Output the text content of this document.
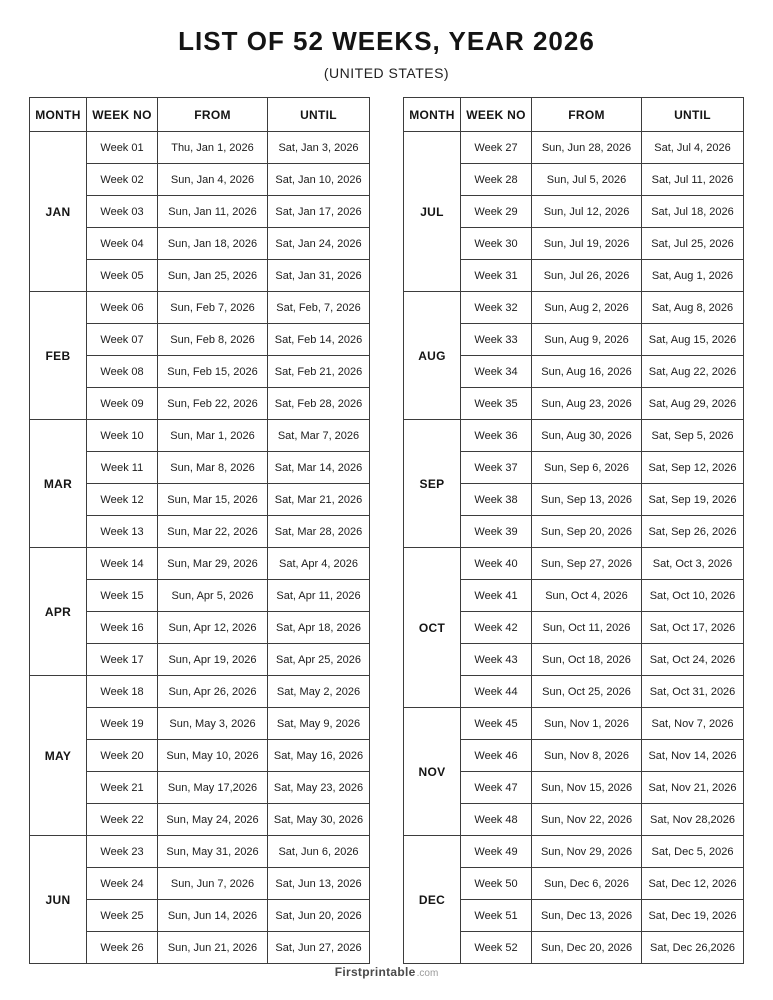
LIST OF 52 WEEKS, YEAR 2026
(UNITED STATES)
MONTH	WEEK NO	FROM	UNTIL
JAN	Week 01	Thu, Jan 1, 2026	Sat, Jan 3, 2026
	Week 02	Sun, Jan 4, 2026	Sat, Jan 10, 2026
	Week 03	Sun, Jan 11, 2026	Sat, Jan 17, 2026
	Week 04	Sun, Jan 18, 2026	Sat, Jan 24, 2026
	Week 05	Sun, Jan 25, 2026	Sat, Jan 31, 2026
FEB	Week 06	Sun, Feb 7, 2026	Sat, Feb, 7, 2026
	Week 07	Sun, Feb 8, 2026	Sat, Feb 14, 2026
	Week 08	Sun, Feb 15, 2026	Sat, Feb 21, 2026
	Week 09	Sun, Feb 22, 2026	Sat, Feb 28, 2026
MAR	Week 10	Sun, Mar 1, 2026	Sat, Mar 7, 2026
	Week 11	Sun, Mar 8, 2026	Sat, Mar 14, 2026
	Week 12	Sun, Mar 15, 2026	Sat, Mar 21, 2026
	Week 13	Sun, Mar 22, 2026	Sat, Mar 28, 2026
APR	Week 14	Sun, Mar 29, 2026	Sat, Apr 4, 2026
	Week 15	Sun, Apr 5, 2026	Sat, Apr 11, 2026
	Week 16	Sun, Apr 12, 2026	Sat, Apr 18, 2026
	Week 17	Sun, Apr 19, 2026	Sat, Apr 25, 2026
MAY	Week 18	Sun, Apr 26, 2026	Sat, May 2, 2026
	Week 19	Sun, May 3, 2026	Sat, May 9, 2026
	Week 20	Sun, May 10, 2026	Sat, May 16, 2026
	Week 21	Sun, May 17,2026	Sat, May 23, 2026
	Week 22	Sun, May 24, 2026	Sat, May 30, 2026
JUN	Week 23	Sun, May 31, 2026	Sat, Jun 6, 2026
	Week 24	Sun, Jun 7, 2026	Sat, Jun 13, 2026
	Week 25	Sun, Jun 14, 2026	Sat, Jun 20, 2026
	Week 26	Sun, Jun 21, 2026	Sat, Jun 27, 2026
MONTH	WEEK NO	FROM	UNTIL
JUL	Week 27	Sun, Jun 28, 2026	Sat, Jul 4, 2026
	Week 28	Sun, Jul 5, 2026	Sat, Jul 11, 2026
	Week 29	Sun, Jul 12, 2026	Sat, Jul 18, 2026
	Week 30	Sun, Jul 19, 2026	Sat, Jul 25, 2026
	Week 31	Sun, Jul 26, 2026	Sat, Aug 1, 2026
AUG	Week 32	Sun, Aug 2, 2026	Sat, Aug 8, 2026
	Week 33	Sun, Aug 9, 2026	Sat, Aug 15, 2026
	Week 34	Sun, Aug 16, 2026	Sat, Aug 22, 2026
	Week 35	Sun, Aug 23, 2026	Sat, Aug 29, 2026
SEP	Week 36	Sun, Aug 30, 2026	Sat, Sep 5, 2026
	Week 37	Sun, Sep 6, 2026	Sat, Sep 12, 2026
	Week 38	Sun, Sep 13, 2026	Sat, Sep 19, 2026
	Week 39	Sun, Sep 20, 2026	Sat, Sep 26, 2026
OCT	Week 40	Sun, Sep 27, 2026	Sat, Oct 3, 2026
	Week 41	Sun, Oct 4, 2026	Sat, Oct 10, 2026
	Week 42	Sun, Oct 11, 2026	Sat, Oct 17, 2026
	Week 43	Sun, Oct 18, 2026	Sat, Oct 24, 2026
	Week 44	Sun, Oct 25, 2026	Sat, Oct 31, 2026
NOV	Week 45	Sun, Nov 1, 2026	Sat, Nov 7, 2026
	Week 46	Sun, Nov 8, 2026	Sat, Nov 14, 2026
	Week 47	Sun, Nov 15, 2026	Sat, Nov 21, 2026
	Week 48	Sun, Nov 22, 2026	Sat, Nov 28,2026
DEC	Week 49	Sun, Nov 29, 2026	Sat, Dec 5, 2026
	Week 50	Sun, Dec 6, 2026	Sat, Dec 12, 2026
	Week 51	Sun, Dec 13, 2026	Sat, Dec 19, 2026
	Week 52	Sun, Dec 20, 2026	Sat, Dec 26,2026
Firstprintable.com
